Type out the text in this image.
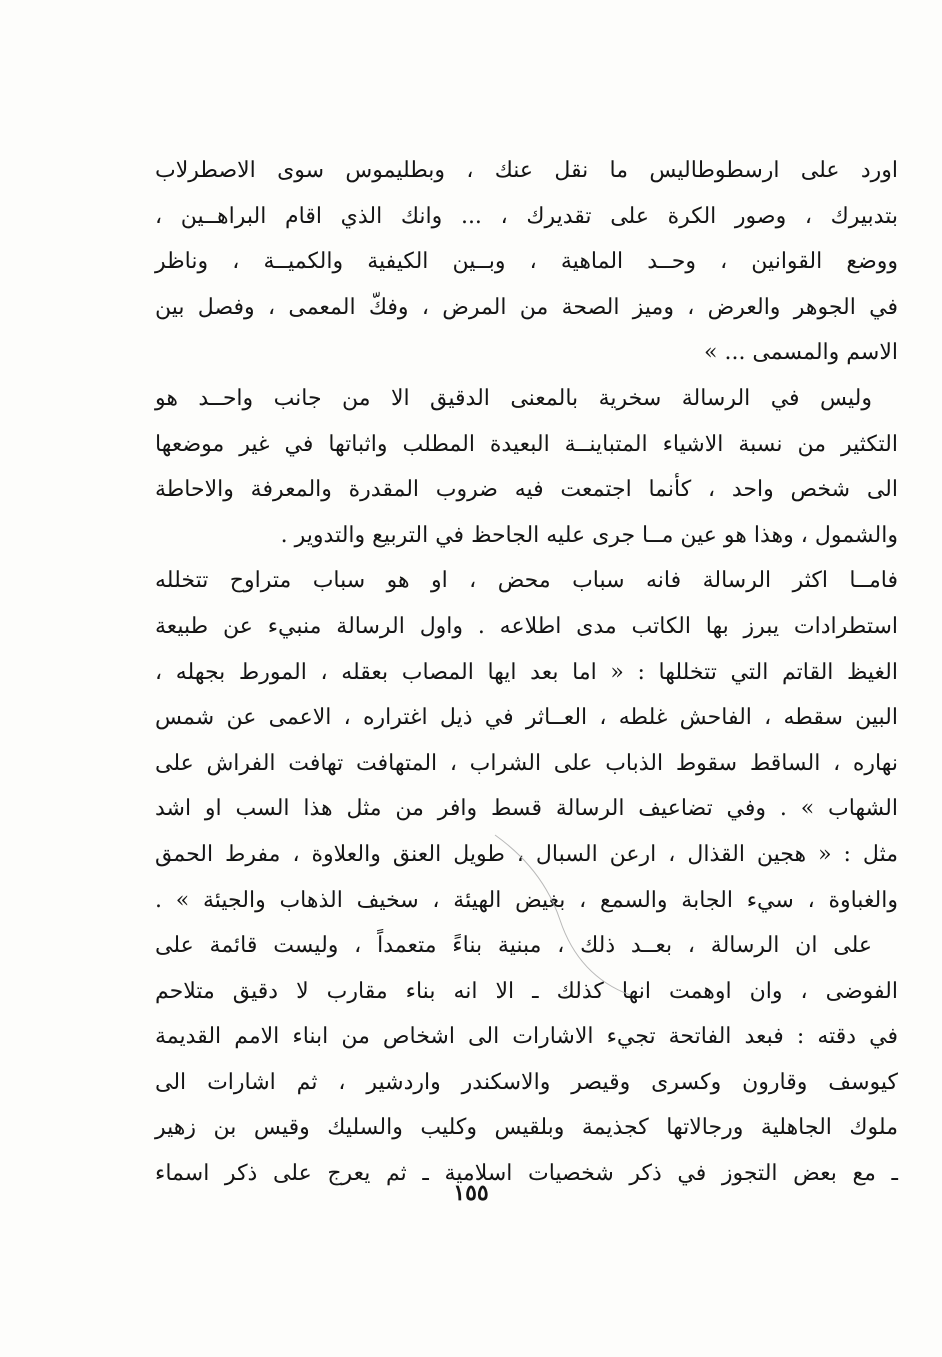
اورد على ارسطوطاليس ما نقل عنك ، وبطليموس سوى الاصطرلاب
بتدبيرك ، وصور الكرة على تقديرك ، ... وانك الذي اقام البراهــين ،
ووضع القوانين ، وحــد الماهية ، وبــين الكيفية والكميــة ، وناظر
في الجوهر والعرض ، وميز الصحة من المرض ، وفكّ المعمى ، وفصل بين
الاسم والمسمى ... »
وليس في الرسالة سخرية بالمعنى الدقيق الا من جانب واحــد هو
التكثير من نسبة الاشياء المتباينــة البعيدة المطلب واثباتها في غير موضعها
الى شخص واحد ، كأنما اجتمعت فيه ضروب المقدرة والمعرفة والاحاطة
والشمول ، وهذا هو عين مــا جرى عليه الجاحظ في التربيع والتدوير .
فامــا اكثر الرسالة فانه سباب محض ، او هو سباب متراوح تتخلله
استطرادات يبرز بها الكاتب مدى اطلاعه . واول الرسالة منبيء عن طبيعة
الغيظ القاتم التي تتخللها : « اما بعد ايها المصاب بعقله ، المورط بجهله ،
البين سقطه ، الفاحش غلطه ، العــاثر في ذيل اغتراره ، الاعمى عن شمس
نهاره ، الساقط سقوط الذباب على الشراب ، المتهافت تهافت الفراش على
الشهاب » . وفي تضاعيف الرسالة قسط وافر من مثل هذا السب او اشد
مثل : « هجين القذال ، ارعن السبال ، طويل العنق والعلاوة ، مفرط الحمق
والغباوة ، سيء الجابة والسمع ، بغيض الهيئة ، سخيف الذهاب والجيئة » .
على ان الرسالة ، بعــد ذلك ، مبنية بناءً متعمداً ، وليست قائمة على
الفوضى ، وان اوهمت انها كذلك ـ الا انه بناء مقارب لا دقيق متلاحم
في دقته : فبعد الفاتحة تجيء الاشارات الى اشخاص من ابناء الامم القديمة
كيوسف وقارون وكسرى وقيصر والاسكندر واردشير ، ثم اشارات الى
ملوك الجاهلية ورجالاتها كجذيمة وبلقيس وكليب والسليك وقيس بن زهير
ـ مع بعض التجوز في ذكر شخصيات اسلامية ـ ثم يعرج على ذكر اسماء
١٥٥
